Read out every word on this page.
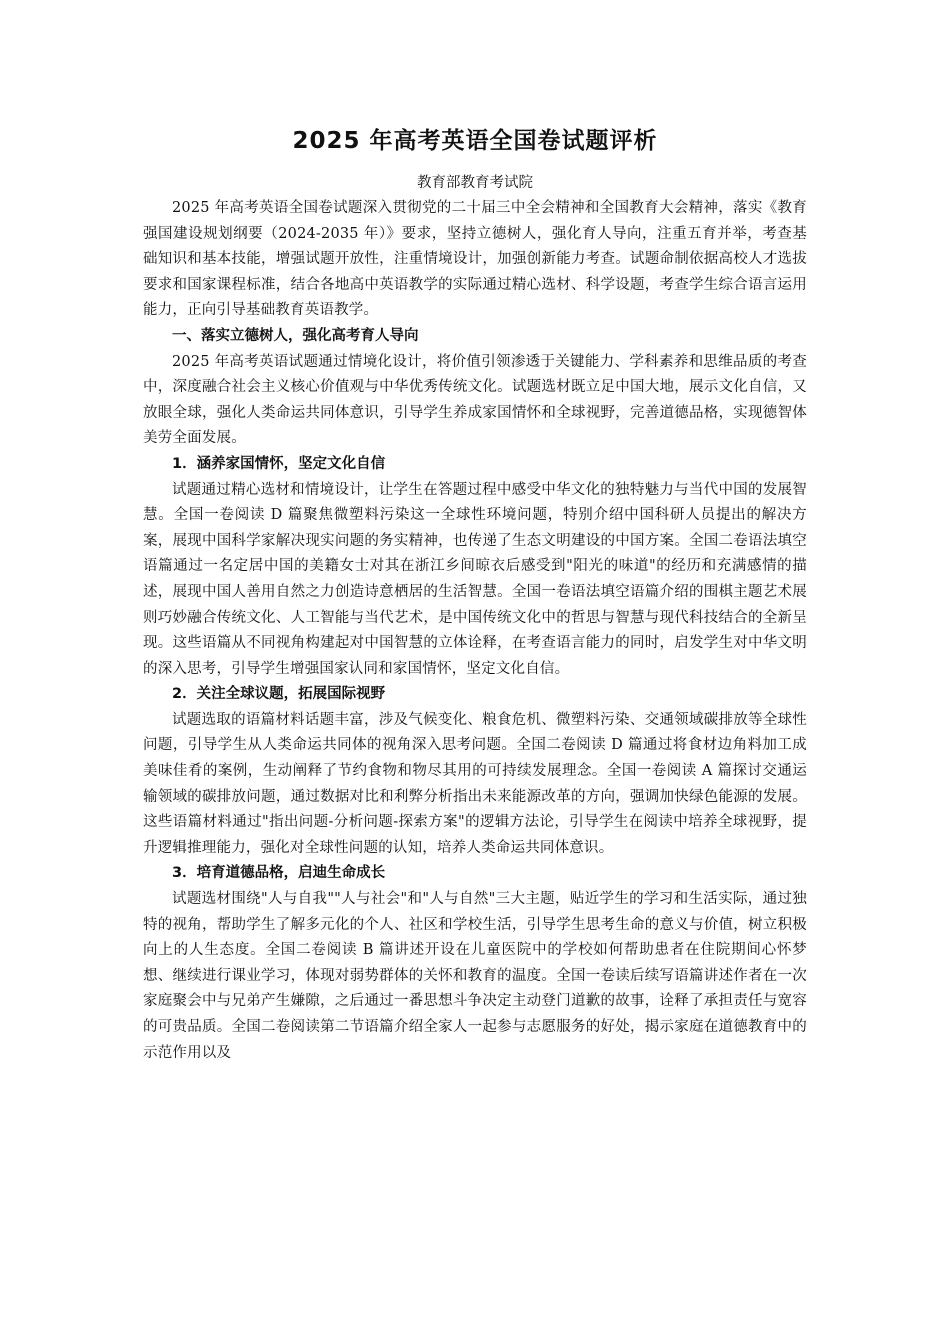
2025 年高考英语全国卷试题评析
教育部教育考试院

2025 年高考英语全国卷试题深入贯彻党的二十届三中全会精神和全国教育大会精神，落实《教育强国建设规划纲要（2024-2035 年）》要求，坚持立德树人，强化育人导向，注重五育并举，考查基础知识和基本技能，增强试题开放性，注重情境设计，加强创新能力考查。试题命制依据高校人才选拔要求和国家课程标准，结合各地高中英语教学的实际通过精心选材、科学设题，考查学生综合语言运用能力，正向引导基础教育英语教学。

一、落实立德树人，强化高考育人导向

2025 年高考英语试题通过情境化设计，将价值引领渗透于关键能力、学科素养和思维品质的考查中，深度融合社会主义核心价值观与中华优秀传统文化。试题选材既立足中国大地，展示文化自信，又放眼全球，强化人类命运共同体意识，引导学生养成家国情怀和全球视野，完善道德品格，实现德智体美劳全面发展。

1．涵养家国情怀，坚定文化自信

试题通过精心选材和情境设计，让学生在答题过程中感受中华文化的独特魅力与当代中国的发展智慧。全国一卷阅读 D 篇聚焦微塑料污染这一全球性环境问题，特别介绍中国科研人员提出的解决方案，展现中国科学家解决现实问题的务实精神，也传递了生态文明建设的中国方案。全国二卷语法填空语篇通过一名定居中国的美籍女士对其在浙江乡间晾衣后感受到"阳光的味道"的经历和充满感情的描述，展现中国人善用自然之力创造诗意栖居的生活智慧。全国一卷语法填空语篇介绍的围棋主题艺术展则巧妙融合传统文化、人工智能与当代艺术，是中国传统文化中的哲思与智慧与现代科技结合的全新呈现。这些语篇从不同视角构建起对中国智慧的立体诠释，在考查语言能力的同时，启发学生对中华文明的深入思考，引导学生增强国家认同和家国情怀，坚定文化自信。

2．关注全球议题，拓展国际视野

试题选取的语篇材料话题丰富，涉及气候变化、粮食危机、微塑料污染、交通领域碳排放等全球性问题，引导学生从人类命运共同体的视角深入思考问题。全国二卷阅读 D 篇通过将食材边角料加工成美味佳肴的案例，生动阐释了节约食物和物尽其用的可持续发展理念。全国一卷阅读 A 篇探讨交通运输领域的碳排放问题，通过数据对比和利弊分析指出未来能源改革的方向，强调加快绿色能源的发展。这些语篇材料通过"指出问题-分析问题-探索方案"的逻辑方法论，引导学生在阅读中培养全球视野，提升逻辑推理能力，强化对全球性问题的认知，培养人类命运共同体意识。

3．培育道德品格，启迪生命成长

试题选材围绕"人与自我""人与社会"和"人与自然"三大主题，贴近学生的学习和生活实际，通过独特的视角，帮助学生了解多元化的个人、社区和学校生活，引导学生思考生命的意义与价值，树立积极向上的人生态度。全国二卷阅读 B 篇讲述开设在儿童医院中的学校如何帮助患者在住院期间心怀梦想、继续进行课业学习，体现对弱势群体的关怀和教育的温度。全国一卷读后续写语篇讲述作者在一次家庭聚会中与兄弟产生嫌隙，之后通过一番思想斗争决定主动登门道歉的故事，诠释了承担责任与宽容的可贵品质。全国二卷阅读第二节语篇介绍全家人一起参与志愿服务的好处，揭示家庭在道德教育中的示范作用以及
